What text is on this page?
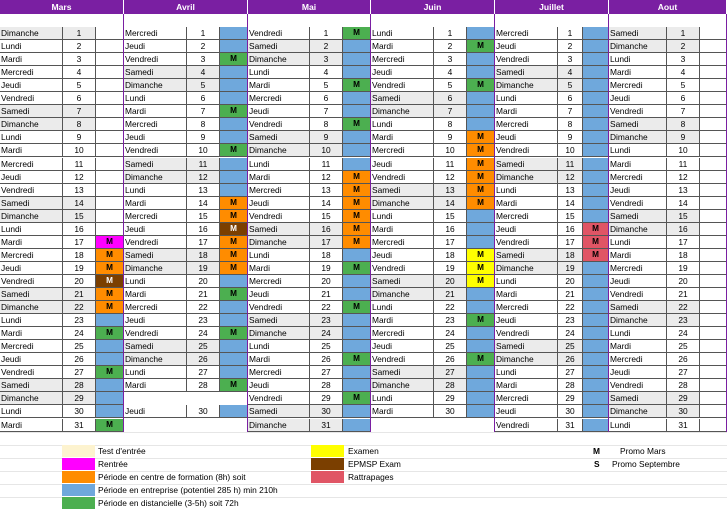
Mars
Dimanche	1
Lundi	2
Mardi	3
Mercredi	4
Jeudi	5
Vendredi	6
Samedi	7
Dimanche	8
Lundi	9
Mardi	10
Mercredi	11
Jeudi	12
Vendredi	13
Samedi	14
Dimanche	15
Lundi	16
Mardi	17	M
Mercredi	18	M
Jeudi	19	M
Vendredi	20	M
Samedi	21	M
Dimanche	22	M
Lundi	23
Mardi	24	M
Mercredi	25
Jeudi	26
Vendredi	27	M
Samedi	28
Dimanche	29
Lundi	30
Mardi	31	M
Avril
Mercredi	1
Jeudi	2
Vendredi	3	M
Samedi	4
Dimanche	5
Lundi	6
Mardi	7	M
Mercredi	8
Jeudi	9
Vendredi	10	M
Samedi	11
Dimanche	12
Lundi	13
Mardi	14	M
Mercredi	15	M
Jeudi	16	M
Vendredi	17	M
Samedi	18	M
Dimanche	19	M
Lundi	20
Mardi	21	M
Mercredi	22
Jeudi	23
Vendredi	24	M
Samedi	25
Dimanche	26
Lundi	27
Mardi	28	M
Jeudi	30
Mai
Vendredi	1	M
Samedi	2
Dimanche	3
Lundi	4
Mardi	5	M
Mercredi	6
Jeudi	7
Vendredi	8	M
Samedi	9
Dimanche	10
Lundi	11
Mardi	12	M
Mercredi	13	M
Jeudi	14	M
Vendredi	15	M
Samedi	16	M
Dimanche	17	M
Lundi	18
Mardi	19	M
Mercredi	20
Jeudi	21
Vendredi	22	M
Samedi	23
Dimanche	24
Lundi	25
Mardi	26	M
Mercredi	27
Jeudi	28
Vendredi	29	M
Samedi	30
Dimanche	31
Juin
Lundi	1
Mardi	2	M
Mercredi	3
Jeudi	4
Vendredi	5	M
Samedi	6
Dimanche	7
Lundi	8
Mardi	9	M
Mercredi	10	M
Jeudi	11	M
Vendredi	12	M
Samedi	13	M
Dimanche	14	M
Lundi	15
Mardi	16
Mercredi	17
Jeudi	18	M
Vendredi	19	M
Samedi	20	M
Dimanche	21
Lundi	22
Mardi	23	M
Mercredi	24
Jeudi	25
Vendredi	26	M
Samedi	27
Dimanche	28
Lundi	29
Mardi	30
Juillet
Mercredi	1
Jeudi	2
Vendredi	3
Samedi	4
Dimanche	5
Lundi	6
Mardi	7
Mercredi	8
Jeudi	9
Vendredi	10
Samedi	11
Dimanche	12
Lundi	13
Mardi	14
Mercredi	15
Jeudi	16	M
Vendredi	17	M
Samedi	18	M
Dimanche	19
Lundi	20
Mardi	21
Mercredi	22
Jeudi	23
Vendredi	24
Samedi	25
Dimanche	26
Lundi	27
Mardi	28
Mercredi	29
Jeudi	30
Vendredi	31
Aout
Samedi	1
Dimanche	2
Lundi	3
Mardi	4
Mercredi	5
Jeudi	6
Vendredi	7
Samedi	8
Dimanche	9
Lundi	10
Mardi	11
Mercredi	12
Jeudi	13
Vendredi	14
Samedi	15
Dimanche	16
Lundi	17
Mardi	18
Mercredi	19
Jeudi	20
Vendredi	21
Samedi	22
Dimanche	23
Lundi	24
Mardi	25
Mercredi	26
Jeudi	27
Vendredi	28
Samedi	29
Dimanche	30
Lundi	31
Test d'entrée
Rentrée
Période en centre de formation (8h) soit
Période en entreprise (potentiel 285 h) min 210h
Période en distancielle (3-5h) soit 72h
Examen
EPMSP Exam
Rattrapages
M Promo Mars
S Promo Septembre
